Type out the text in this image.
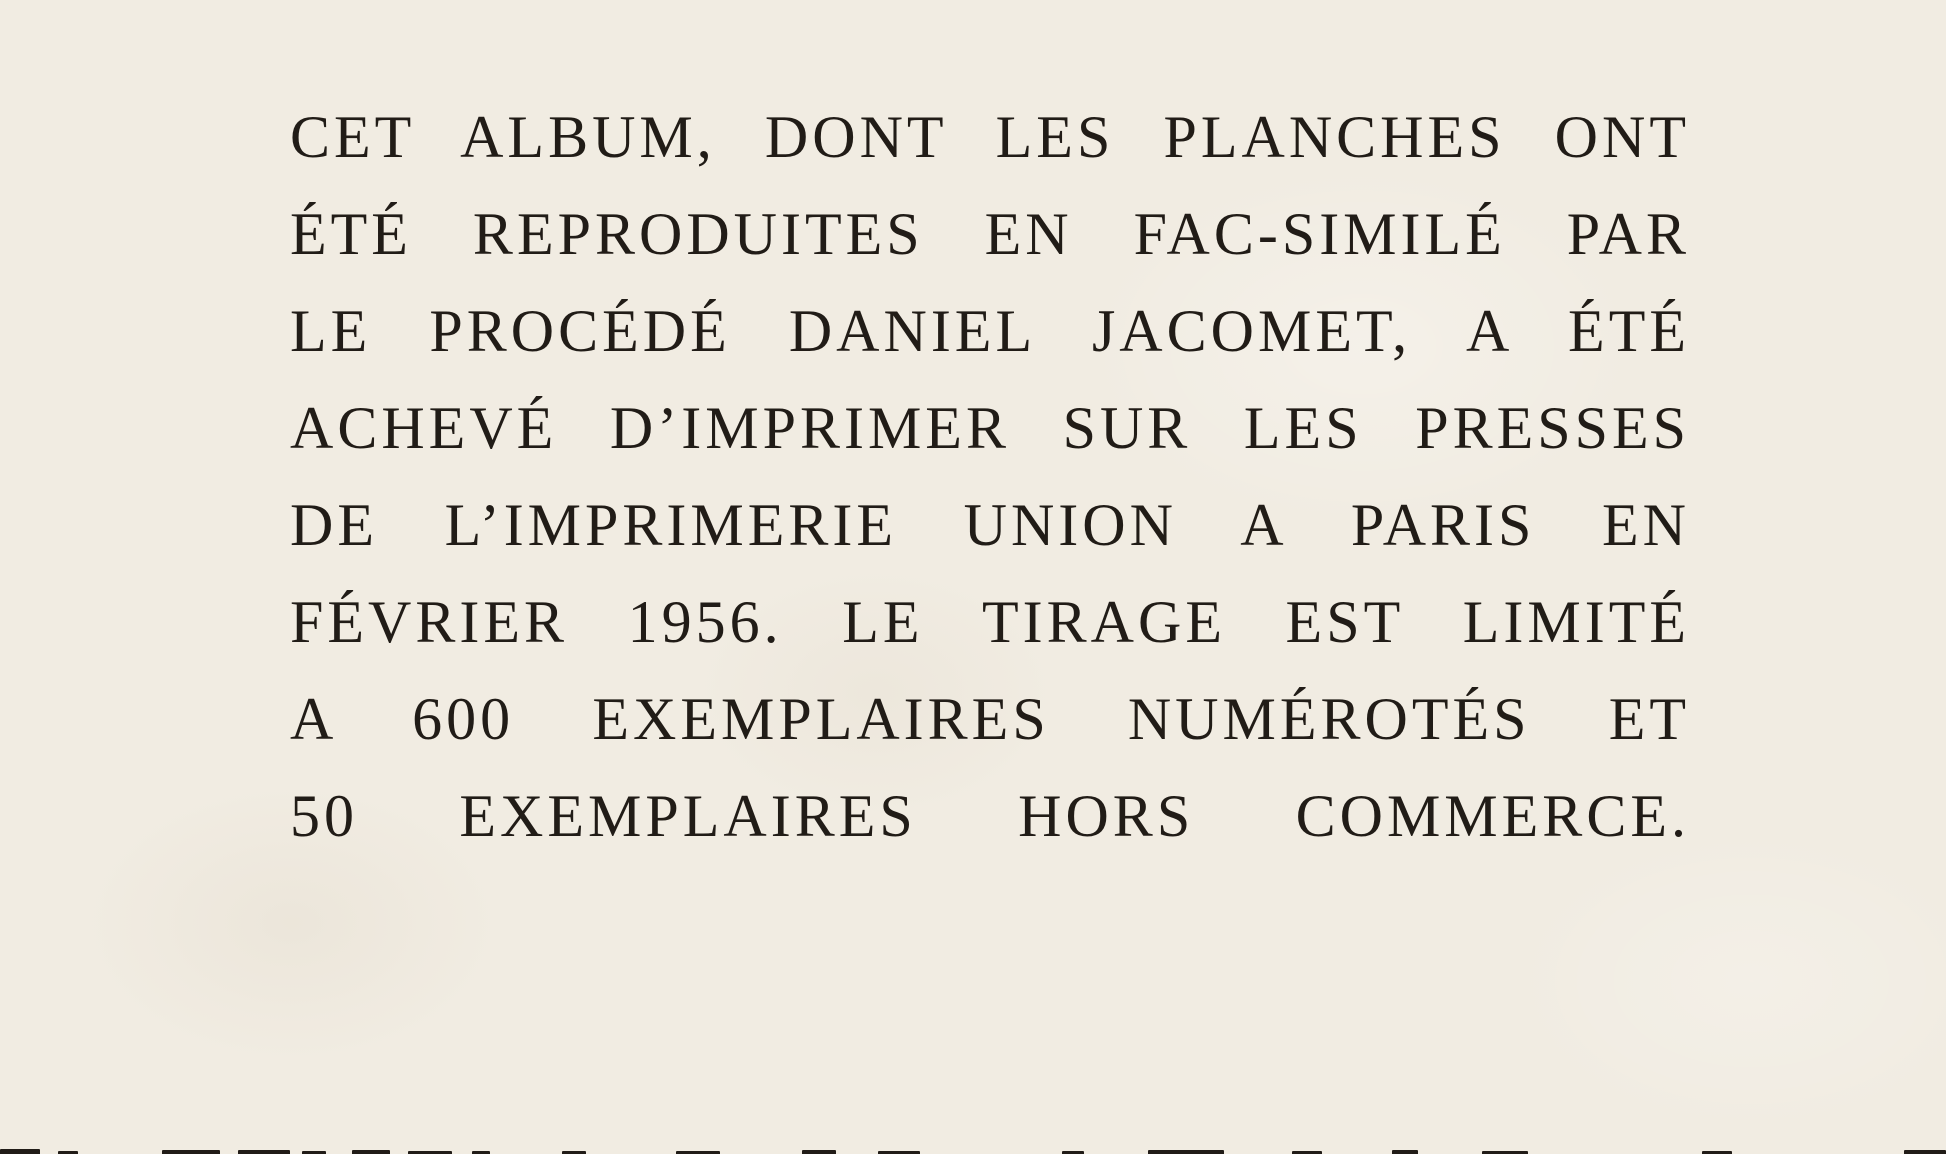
CET ALBUM, DONT LES PLANCHES ONT
ÉTÉ REPRODUITES EN FAC-SIMILÉ PAR
LE PROCÉDÉ DANIEL JACOMET, A ÉTÉ
ACHEVÉ D’IMPRIMER SUR LES PRESSES
DE L’IMPRIMERIE UNION A PARIS EN
FÉVRIER 1956. LE TIRAGE EST LIMITÉ
A 600 EXEMPLAIRES NUMÉROTÉS ET
50 EXEMPLAIRES HORS COMMERCE.
